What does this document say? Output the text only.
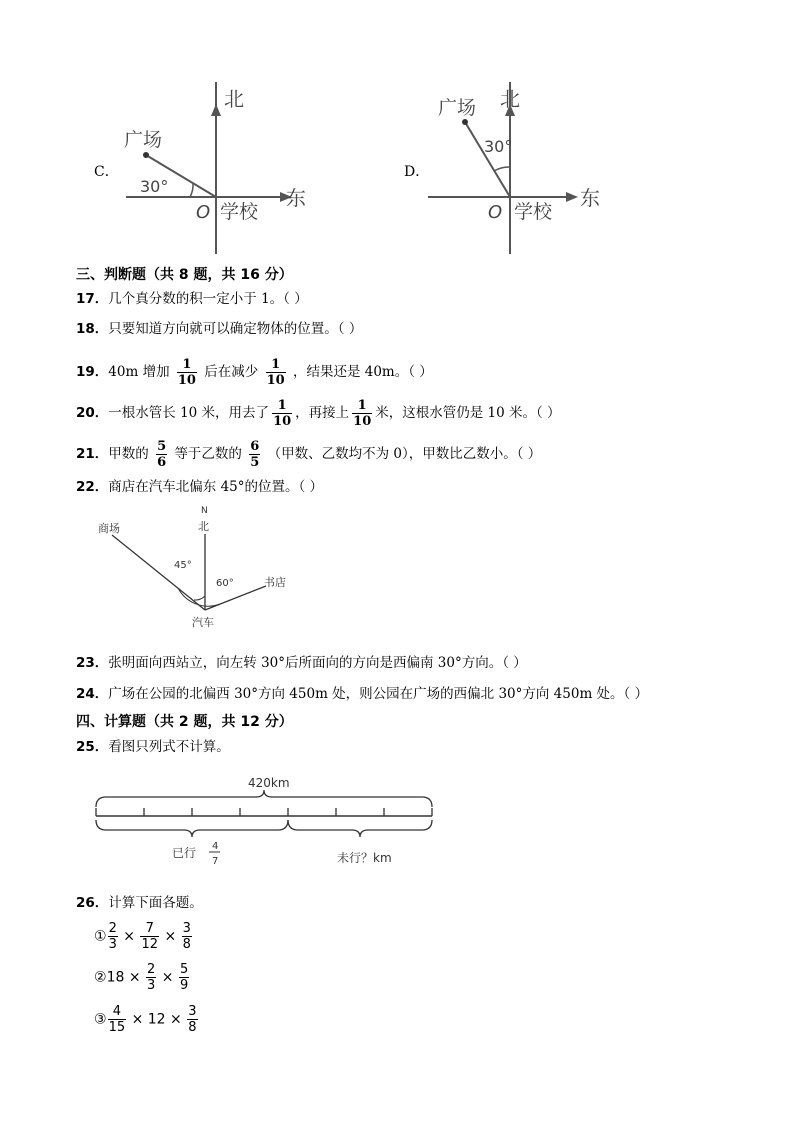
C．
北
东
O 学校
广场
30°
D．
北
东
O 学校
广场
30°
三、判断题（共 8 题，共 16 分）
17．几个真分数的积一定小于 1。（ ）
18．只要知道方向就可以确定物体的位置。（ ）
19．40m 增加 $\frac{1}{10}$ 后在减少 $\frac{1}{10}$ ，结果还是 40m。（ ）
20．一根水管长 10 米，用去了 $\frac{1}{10}$ ，再接上 $\frac{1}{10}$ 米，这根水管仍是 10 米。（ ）
21．甲数的 $\frac{5}{6}$ 等于乙数的 $\frac{6}{5}$ （甲数、乙数均不为 0），甲数比乙数小。（ ）
22．商店在汽车北偏东 45°的位置。（ ）
N
北
商场
45°
60°	书店
汽车
23．张明面向西站立，向左转 30°后所面向的方向是西偏南 30°方向。（ ）
24．广场在公园的北偏西 30°方向 450m 处，则公园在广场的西偏北 30°方向 450m 处。（ ）
四、计算题（共 2 题，共 12 分）
25．看图只列式不计算。
420km
已行 4
7	未行？km
26．计算下面各题。
① $\frac{2}{3} \times \frac{7}{12} \times \frac{3}{8}$
②18 × $\frac{2}{3} \times \frac{5}{9}$
③ $\frac{4}{15} \times 12 \times \frac{3}{8}$
